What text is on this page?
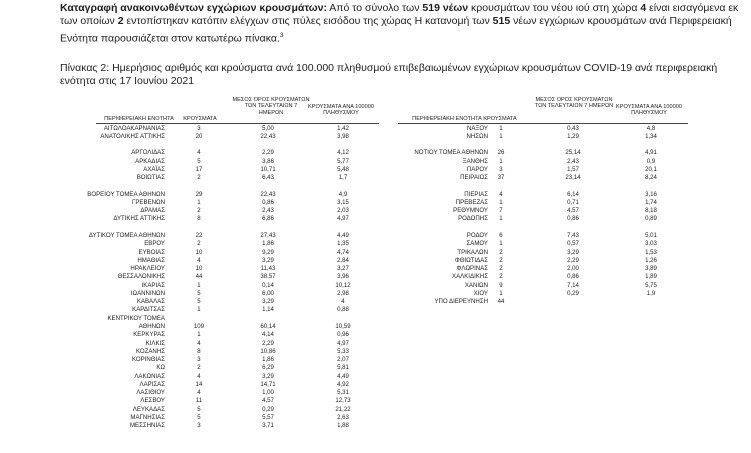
Καταγραφή ανακοινωθέντων εγχώριων κρουσμάτων: Από το σύνολο των 519 νέων κρουσμάτων του νέου ιού στη χώρα 4 είναι εισαγόμενα εκ των οποίων 2 εντοπίστηκαν κατόπιν ελέγχων στις πύλες εισόδου της χώρας Η κατανομή των 515 νέων εγχώριων κρουσμάτων ανά Περιφερειακή Ενότητα παρουσιάζεται στον κατωτέρω πίνακα.$^3$
Πίνακας 2: Ημερήσιος αριθμός και κρούσματα ανά 100.000 πληθυσμού επιβεβαιωμένων εγχώριων κρουσμάτων COVID-19 ανά περιφερειακή ενότητα στις 17 Ιουνίου 2021
ΠΕΡΙΦΕΡΕΙΑΚΗ ΕΝΟΤΗΤΑ	ΚΡΟΥΣΜΑΤΑ
ΜΕΣΟΣ ΟΡΟΣ ΚΡΟΥΣΜΑΤΩΝ ΤΩΝ ΤΕΛΕΥΤΑΙΩΝ 7 ΗΜΕΡΩΝ
ΚΡΟΥΣΜΑΤΑ ΑΝΑ 100000 ΠΛΗΘΥΣΜΟΥ
ΠΕΡΙΦΕΡΕΙΑΚΗ ΕΝΟΤΗΤΑ ΚΡΟΥΣΜΑΤΑ
ΜΕΣΟΣ ΟΡΟΣ ΚΡΟΥΣΜΑΤΩΝ ΤΩΝ ΤΕΛΕΥΤΑΙΩΝ 7 ΗΜΕΡΩΝ ΚΡΟΥΣΜΑΤΑ ΑΝΑ 100000 ΠΛΗΘΥΣΜΟΥ
ΑΙΤΩΛΟΑΚΑΡΝΑΝΙΑΣ	3	5,00	1,42
ΑΝΑΤΟΛΙΚΗΣ ΑΤΤΙΚΗΣ	20	22,43	3,98
ΑΡΓΟΛΙΔΑΣ	4	2,29	4,12
ΑΡΚΑΔΙΑΣ	5	3,86	5,77
ΑΧΑΪΑΣ	17	10,71	5,48
ΒΟΙΩΤΙΑΣ	2	6,43	1,7
ΒΟΡΕΙΟΥ ΤΟΜΕΑ ΑΘΗΝΩΝ	29	22,43	4,9
ΓΡΕΒΕΝΩΝ	1	0,86	3,15
ΔΡΑΜΑΣ	2	2,43	2,03
ΔΥΤΙΚΗΣ ΑΤΤΙΚΗΣ	8	6,86	4,97
ΔΥΤΙΚΟΥ ΤΟΜΕΑ ΑΘΗΝΩΝ	22	27,43	4,49
ΕΒΡΟΥ	2	1,86	1,35
ΕΥΒΟΙΑΣ	10	9,29	4,74
ΗΜΑΘΙΑΣ	4	3,29	2,84
ΗΡΑΚΛΕΙΟΥ	10	11,43	3,27
ΘΕΣΣΑΛΟΝΙΚΗΣ	44	38,57	3,96
ΙΚΑΡΙΑΣ	1	0,14	10,12
ΙΩΑΝΝΙΝΩΝ	5	6,00	2,98
ΚΑΒΑΛΑΣ	5	3,29	4
ΚΑΡΔΙΤΣΑΣ	1	1,14	0,88
ΚΕΝΤΡΙΚΟΥ ΤΟΜΕΑ
ΑΘΗΝΩΝ	109	60,14	10,59
ΚΕΡΚΥΡΑΣ	1	4,14	0,96
ΚΙΛΚΙΣ	4	2,29	4,97
ΚΟΖΑΝΗΣ	8	10,86	5,33
ΚΟΡΙΝΘΙΑΣ	3	1,86	2,07
ΚΩ	2	6,29	5,81
ΛΑΚΩΝΙΑΣ	4	3,29	4,49
ΛΑΡΙΣΑΣ	14	14,71	4,92
ΛΑΣΙΘΙΟΥ	4	1,00	5,31
ΛΕΣΒΟΥ	11	4,57	12,73
ΛΕΥΚΑΔΑΣ	5	0,29	21,22
ΜΑΓΝΗΣΙΑΣ	5	5,57	2,63
ΜΕΣΣΗΝΙΑΣ	3	3,71	1,88
ΝΑΞΟΥ	1	0,43	4,8
ΝΗΣΩΝ	1	1,29	1,34
ΝΟΤΙΟΥ ΤΟΜΕΑ ΑΘΗΝΩΝ	26	25,14	4,91
ΞΑΝΘΗΣ	1	2,43	0,9
ΠΑΡΟΥ	3	1,57	20,1
ΠΕΙΡΑΙΩΣ	37	23,14	8,24
ΠΙΕΡΙΑΣ	4	6,14	3,16
ΠΡΕΒΕΖΑΣ	1	0,71	1,74
ΡΕΘΥΜΝΟΥ	7	4,57	8,18
ΡΟΔΟΠΗΣ	1	0,86	0,89
ΡΟΔΟΥ	6	7,43	5,01
ΣΑΜΟΥ	1	0,57	3,03
ΤΡΙΚΑΛΩΝ	2	3,29	1,53
ΦΘΙΩΤΙΔΑΣ	2	2,29	1,26
ΦΛΩΡΙΝΑΣ	2	2,00	3,89
ΧΑΛΚΙΔΙΚΗΣ	2	0,86	1,89
ΧΑΝΙΩΝ	9	7,14	5,75
ΧΙΟΥ	1	0,29	1,9
ΥΠΟ ΔΙΕΡΕΥΝΗΣΗ	44
